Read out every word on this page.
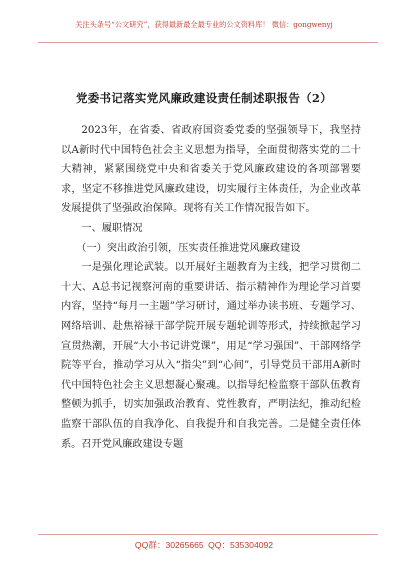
关注头条号“公文研究”，获得最新最全最专业的公文资料库！ 微信：gongwenyj
党委书记落实党风廉政建设责任制述职报告（2）

2023年，在省委、省政府国资委党委的坚强领导下，我坚持以A新时代中国特色社会主义思想为指导，全面贯彻落实党的二十大精神，紧紧围绕党中央和省委关于党风廉政建设的各项部署要求，坚定不移推进党风廉政建设，切实履行主体责任，为企业改革发展提供了坚强政治保障。现将有关工作情况报告如下。

一、履职情况

（一）突出政治引领，压实责任推进党风廉政建设

一是强化理论武装。以开展好主题教育为主线，把学习贯彻二十大、A总书记视察河南的重要讲话、指示精神作为理论学习首要内容，坚持“每月一主题”学习研讨，通过举办读书班、专题学习、网络培训、赴焦裕禄干部学院开展专题轮训等形式，持续掀起学习宣贯热潮，开展“大小书记讲党课”，用足“学习强国”、干部网络学院等平台，推动学习从入“指尖”到“心间”，引导党员干部用A新时代中国特色社会主义思想凝心聚魂。以指导纪检监察干部队伍教育整顿为抓手，切实加强政治教育、党性教育，严明法纪，推动纪检监察干部队伍的自我净化、自我提升和自我完善。二是健全责任体系。召开党风廉政建设专题

QQ群：30265665 QQ：535304092
